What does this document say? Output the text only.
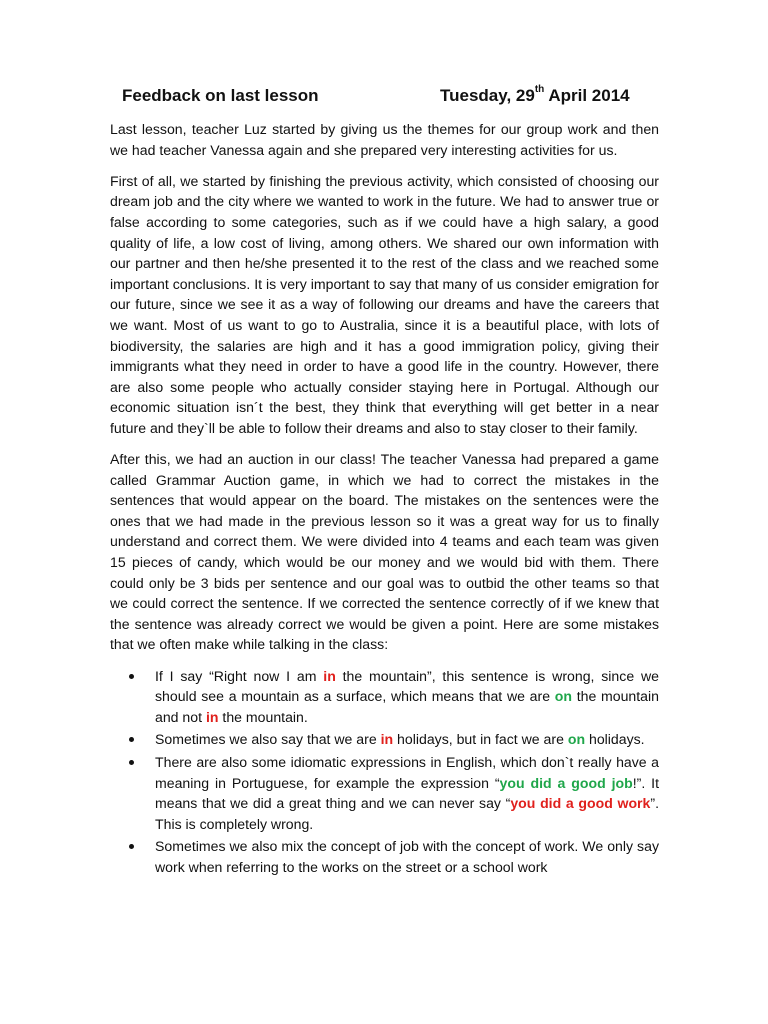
Feedback on last lesson	Tuesday, 29th April 2014

Last lesson, teacher Luz started by giving us the themes for our group work and then we had teacher Vanessa again and she prepared very interesting activities for us.

First of all, we started by finishing the previous activity, which consisted of choosing our dream job and the city where we wanted to work in the future. We had to answer true or false according to some categories, such as if we could have a high salary, a good quality of life, a low cost of living, among others. We shared our own information with our partner and then he/she presented it to the rest of the class and we reached some important conclusions. It is very important to say that many of us consider emigration for our future, since we see it as a way of following our dreams and have the careers that we want. Most of us want to go to Australia, since it is a beautiful place, with lots of biodiversity, the salaries are high and it has a good immigration policy, giving their immigrants what they need in order to have a good life in the country. However, there are also some people who actually consider staying here in Portugal. Although our economic situation isn´t the best, they think that everything will get better in a near future and they`ll be able to follow their dreams and also to stay closer to their family.

After this, we had an auction in our class! The teacher Vanessa had prepared a game called Grammar Auction game, in which we had to correct the mistakes in the sentences that would appear on the board. The mistakes on the sentences were the ones that we had made in the previous lesson so it was a great way for us to finally understand and correct them. We were divided into 4 teams and each team was given 15 pieces of candy, which would be our money and we would bid with them. There could only be 3 bids per sentence and our goal was to outbid the other teams so that we could correct the sentence. If we corrected the sentence correctly of if we knew that the sentence was already correct we would be given a point. Here are some mistakes that we often make while talking in the class:

If I say “Right now I am in the mountain”, this sentence is wrong, since we should see a mountain as a surface, which means that we are on the mountain and not in the mountain.
Sometimes we also say that we are in holidays, but in fact we are on holidays.
There are also some idiomatic expressions in English, which don`t really have a meaning in Portuguese, for example the expression “you did a good job!”. It means that we did a great thing and we can never say “you did a good work”. This is completely wrong.
Sometimes we also mix the concept of job with the concept of work. We only say work when referring to the works on the street or a school work
